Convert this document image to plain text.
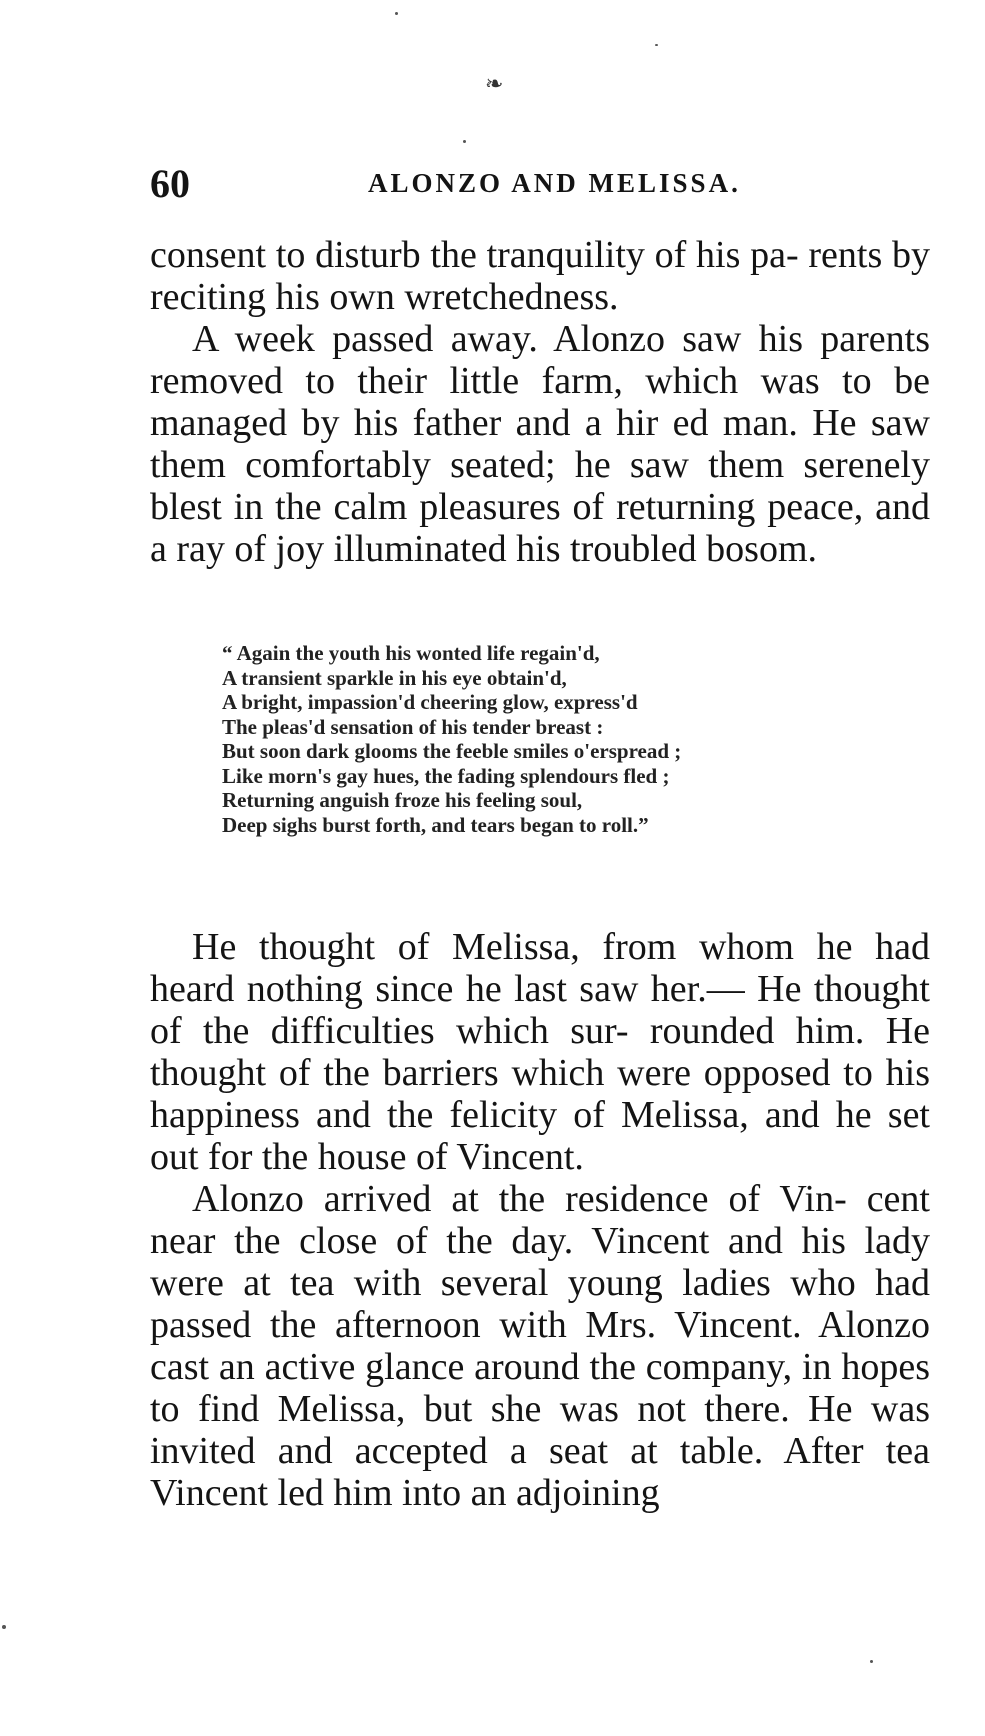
❧
60	ALONZO AND MELISSA.

consent to disturb the tranquility of his pa- rents by reciting his own wretchedness.

A week passed away. Alonzo saw his parents removed to their little farm, which was to be managed by his father and a hir ed man. He saw them comfortably seated; he saw them serenely blest in the calm pleasures of returning peace, and a ray of joy illuminated his troubled bosom.

“ Again the youth his wonted life regain'd,
A transient sparkle in his eye obtain'd,
A bright, impassion'd cheering glow, express'd
The pleas'd sensation of his tender breast :
But soon dark glooms the feeble smiles o'erspread ;
Like morn's gay hues, the fading splendours fled ;
Returning anguish froze his feeling soul,
Deep sighs burst forth, and tears began to roll.”

He thought of Melissa, from whom he had heard nothing since he last saw her.— He thought of the difficulties which sur- rounded him. He thought of the barriers which were opposed to his happiness and the felicity of Melissa, and he set out for the house of Vincent.

Alonzo arrived at the residence of Vin- cent near the close of the day. Vincent and his lady were at tea with several young ladies who had passed the afternoon with Mrs. Vincent. Alonzo cast an active glance around the company, in hopes to find Melissa, but she was not there. He was invited and accepted a seat at table. After tea Vincent led him into an adjoining
